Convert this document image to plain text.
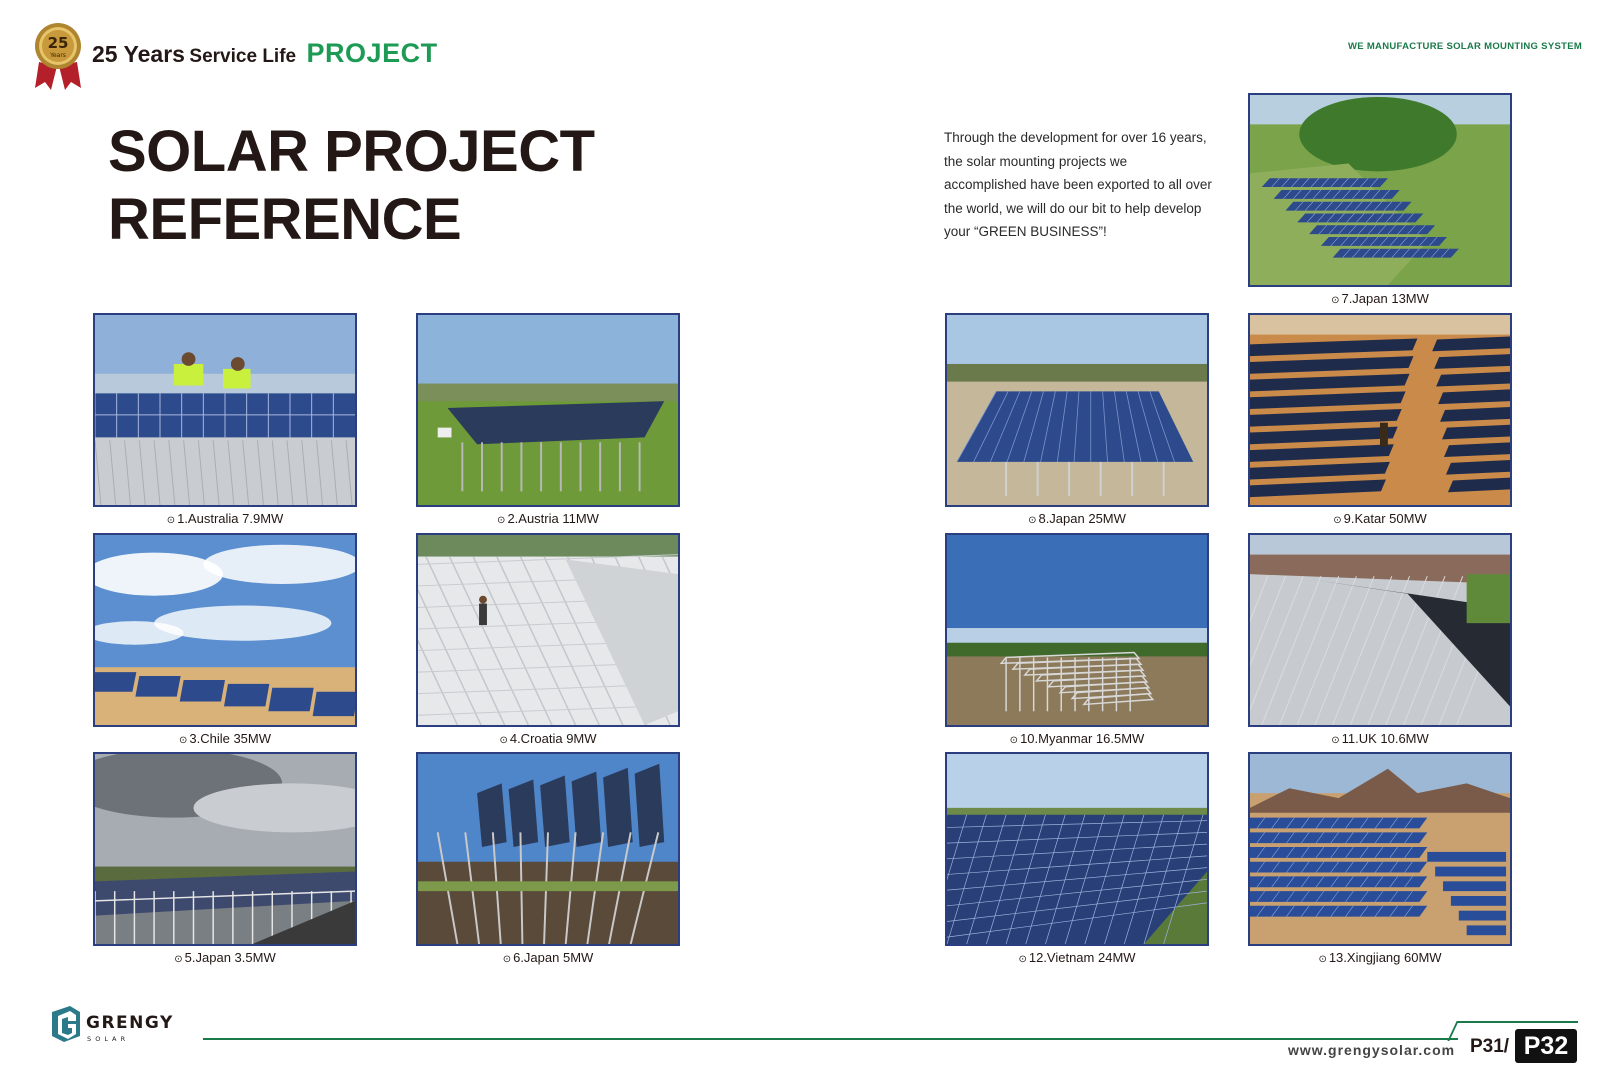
25
Years 25 Years Service Life PROJECT	WE MANUFACTURE SOLAR MOUNTING SYSTEM
SOLAR PROJECT
REFERENCE
Through the development for over 16 years, the solar mounting projects we accomplished have been exported to all over the world, we will do our bit to help develop your “GREEN BUSINESS”!
⊙ 1.Australia 7.9MW	⊙ 2.Austria 11MW
⊙ 3.Chile 35MW	⊙ 4.Croatia 9MW
⊙ 5.Japan 3.5MW	⊙ 6.Japan 5MW
⊙ 7.Japan 13MW
⊙ 8.Japan 25MW	⊙ 9.Katar 50MW
⊙ 10.Myanmar 16.5MW	⊙ 11.UK 10.6MW
⊙ 12.Vietnam 24MW	⊙ 13.Xingjiang 60MW
GRENGY
S O L A R
www.grengysolar.com P31/ P32
